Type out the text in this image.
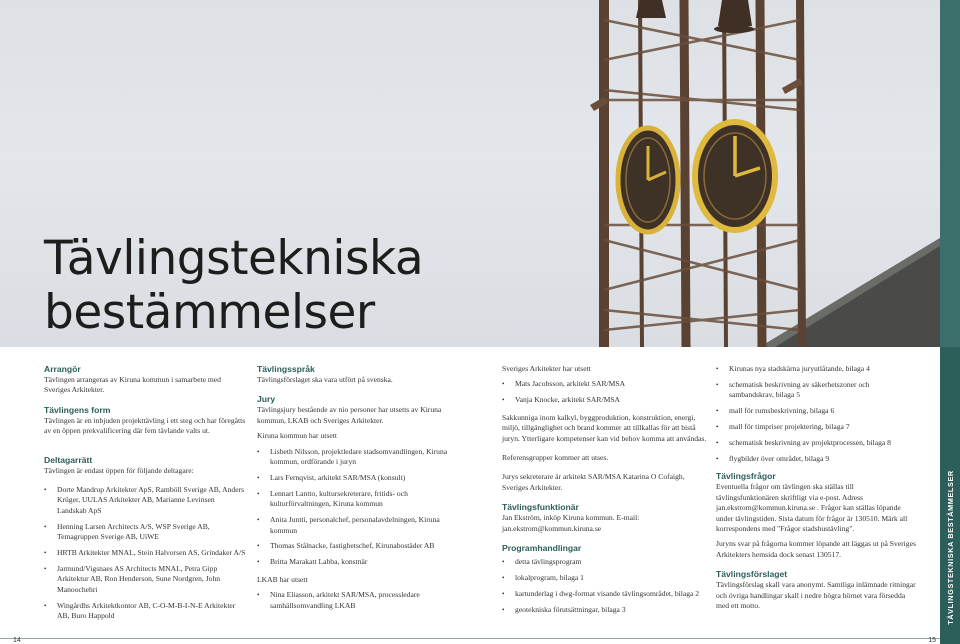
Tävlingstekniska
bestämmelser

Arrangör

Tävlingen arrangeras av Kiruna kommun i samarbete med Sveriges Arkitekter.

Tävlingens form

Tävlingen är en inbjuden projekttävling i ett steg och har föregåtts av en öppen prekvalificering där fem tävlande valts ut.

Deltagarrätt

Tävlingen är endast öppen för följande deltagare:

• Dorte Mandrup Arkitekter ApS, Ramböll Sverige AB, Anders Krüger, UULAS Arkitekter AB, Marianne Levinsen Landskab ApS
• Henning Larsen Architects A/S, WSP Sverige AB, Temagruppen Sverige AB, UiWE
• HRTB Arkitekter MNAL, Stein Halvorsen AS, Grindaker A/S
• Jarmund/Vigsnaes AS Architects MNAL, Petra Gipp Arkitektur AB, Ron Henderson, Sune Nordgren, John Manoochehri
• Wingårdhs Arkitektkontor AB, C-O-M-B-I-N-E Arkitekter AB, Buro Happold

Tävlingsspråk

Tävlingsförslaget ska vara utfört på svenska.

Jury

Tävlingsjury bestående av nio personer har utsetts av Kiruna kommun, LKAB och Sveriges Arkitekter.

Kiruna kommun har utsett

• Lisbeth Nilsson, projektledare stadsomvandlingen, Kiruna kommun, ordförande i juryn
• Lars Fernqvist, arkitekt SAR/MSA (konsult)
• Lennart Lantto, kultursekreterare, fritids- och kulturförvaltningen, Kiruna kommun
• Anita Juntti, personalchef, personalavdelningen, Kiruna kommun
• Thomas Stålnacke, fastighetschef, Kirunabostäder AB
• Britta Marakatt Labba, konstnär

LKAB har utsett

• Nina Eliasson, arkitekt SAR/MSA, processledare samhällsomvandling LKAB

Sveriges Arkitekter har utsett

• Mats Jacobsson, arkitekt SAR/MSA
• Vanja Knocke, arkitekt SAR/MSA

Sakkunniga inom kalkyl, byggproduktion, konstruktion, energi, miljö, tillgänglighet och brand kommer att tillkallas för att bistå juryn. Ytterligare kompetenser kan vid behov komma att användas.

Referensgrupper kommer att utses.

Jurys sekreterare är arkitekt SAR/MSA Katarina O Cofaigh, Sveriges Arkitekter.

Tävlingsfunktionär

Jan Ekström, inköp Kiruna kommun. E-mail: jan.ekstrom@kommun.kiruna.se

Programhandlingar

• detta tävlingsprogram
• lokalprogram, bilaga 1
• kartunderlag i dwg-format visande tävlingsområdet, bilaga 2
• geotekniska förutsättningar, bilaga 3
• Kirunas nya stadskärna juryutlåtande, bilaga 4
• schematisk beskrivning av säkerhetszoner och sambandskrav, bilaga 5
• mall för rumsbeskrivning, bilaga 6
• mall för timpriser projektering, bilaga 7
• schematisk beskrivning av projektprocessen, bilaga 8
• flygbilder över området, bilaga 9

Tävlingsfrågor

Eventuella frågor om tävlingen ska ställas till tävlingsfunktionären skriftligt via e-post. Adress jan.ekstrom@kommun.kiruna.se . Frågor kan ställas löpande under tävlingstiden. Sista datum för frågor är 130510. Märk all korrespondens med "Frågor stadshustävling".

Juryns svar på frågorna kommer löpande att läggas ut på Sveriges Arkitekters hemsida dock senast 130517.

Tävlingsförslaget

Tävlingsförslag skall vara anonymt. Samtliga inlämnade ritningar och övriga handlingar skall i nedre högra hörnet vara försedda med ett motto.	TÄVLINGSTEKNISKA BESTÄMMELSER
14	15
